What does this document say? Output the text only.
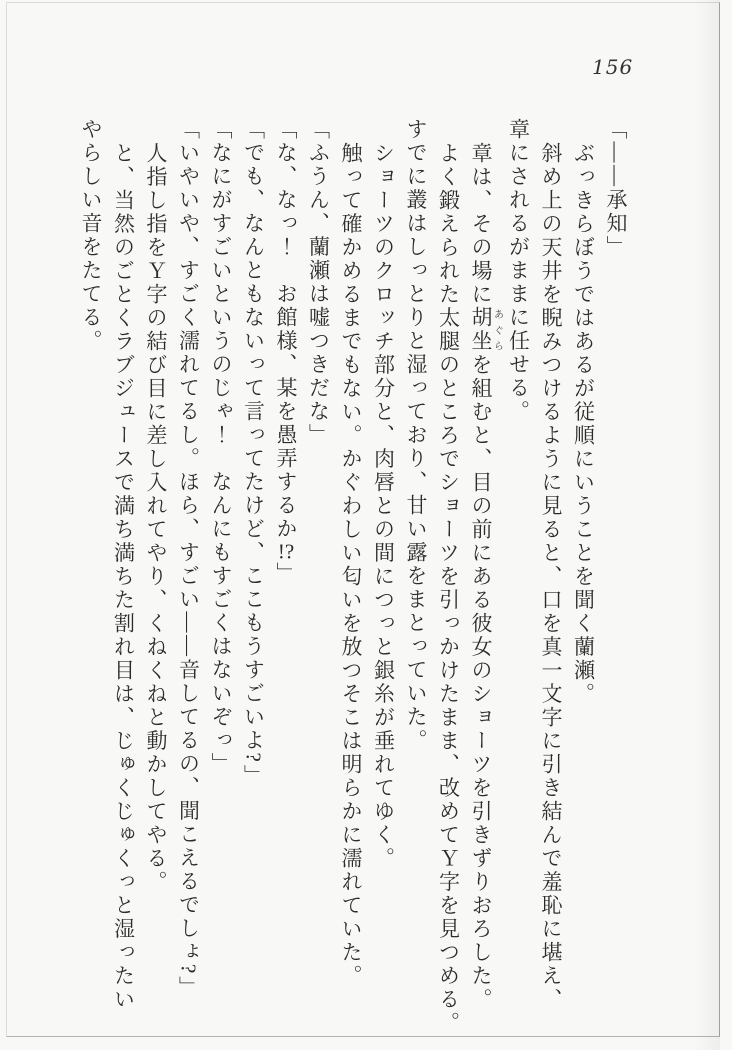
156

「――承知」

ぶっきらぼうではあるが従順にいうことを聞く蘭瀬。

斜め上の天井を睨みつけるように見ると、口を真一文字に引き結んで羞恥に堪え、

章にされるがままに任せる。

章は、その場に胡坐あぐらを組むと、目の前にある彼女のショーツを引きずりおろした。

よく鍛えられた太腿のところでショーツを引っかけたまま、改めてＹ字を見つめる。

すでに叢はしっとりと湿っており、甘い露をまとっていた。

ショーツのクロッチ部分と、肉唇との間につっと銀糸が垂れてゆく。

触って確かめるまでもない。かぐわしい匂いを放つそこは明らかに濡れていた。

「ふうん、蘭瀬は嘘つきだな」

「な、なっ！　お館様、某を愚弄するか!?」

「でも、なんともないって言ってたけど、ここもうすごいよ?」

「なにがすごいというのじゃ！　なんにもすごくはないぞっ」

「いやいや、すごく濡れてるし。ほら、すごい――音してるの、聞こえるでしょ?」

人指し指をＹ字の結び目に差し入れてやり、くねくねと動かしてやる。

と、当然のごとくラブジュースで満ち満ちた割れ目は、じゅくじゅくっと湿ったい

やらしい音をたてる。
